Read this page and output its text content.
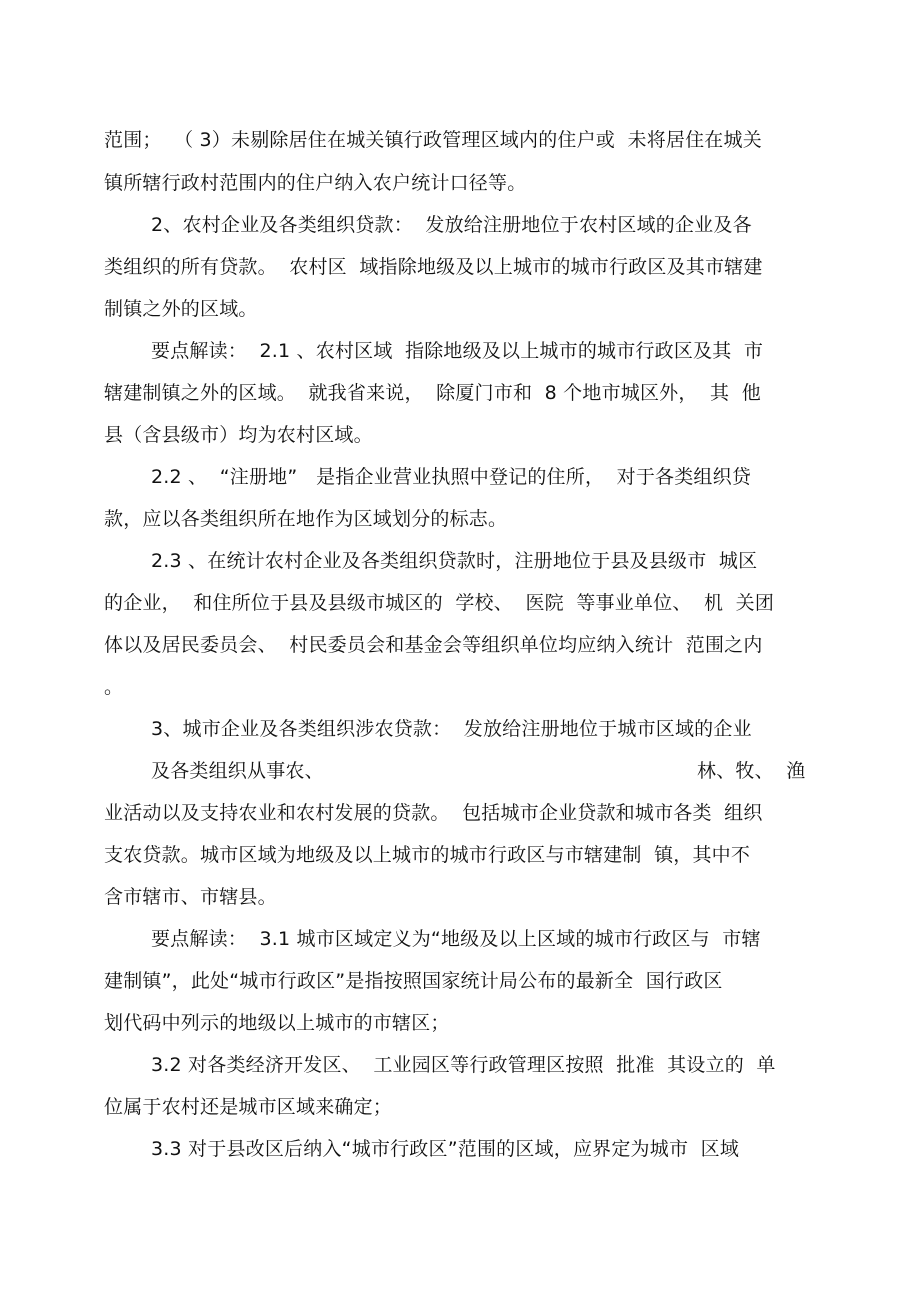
范围；  （ 3）未剔除居住在城关镇行政管理区域内的住户或  未将居住在城关
镇所辖行政村范围内的住户纳入农户统计口径等。
2、农村企业及各类组织贷款：  发放给注册地位于农村区域的企业及各
类组织的所有贷款。  农村区  域指除地级及以上城市的城市行政区及其市辖建
制镇之外的区域。
要点解读：  2.1 、农村区域  指除地级及以上城市的城市行政区及其  市
辖建制镇之外的区域。  就我省来说，  除厦门市和  8 个地市城区外，  其  他
县（含县级市）均为农村区域。
2.2 、  “注册地”   是指企业营业执照中登记的住所，  对于各类组织贷
款，应以各类组织所在地作为区域划分的标志。
2.3 、在统计农村企业及各类组织贷款时，注册地位于县及县级市  城区
的企业，  和住所位于县及县级市城区的  学校、  医院  等事业单位、  机  关团
体以及居民委员会、  村民委员会和基金会等组织单位均应纳入统计  范围之内
。
3、城市企业及各类组织涉农贷款：  发放给注册地位于城市区域的企业
及各类组织从事农、	林、牧、  渔
业活动以及支持农业和农村发展的贷款。  包括城市企业贷款和城市各类  组织
支农贷款。城市区域为地级及以上城市的城市行政区与市辖建制  镇，其中不
含市辖市、市辖县。
要点解读：  3.1 城市区域定义为“地级及以上区域的城市行政区与  市辖
建制镇”，此处“城市行政区”是指按照国家统计局公布的最新全  国行政区
划代码中列示的地级以上城市的市辖区；
3.2 对各类经济开发区、  工业园区等行政管理区按照  批准  其设立的  单
位属于农村还是城市区域来确定；
3.3 对于县改区后纳入“城市行政区”范围的区域，应界定为城市  区域
